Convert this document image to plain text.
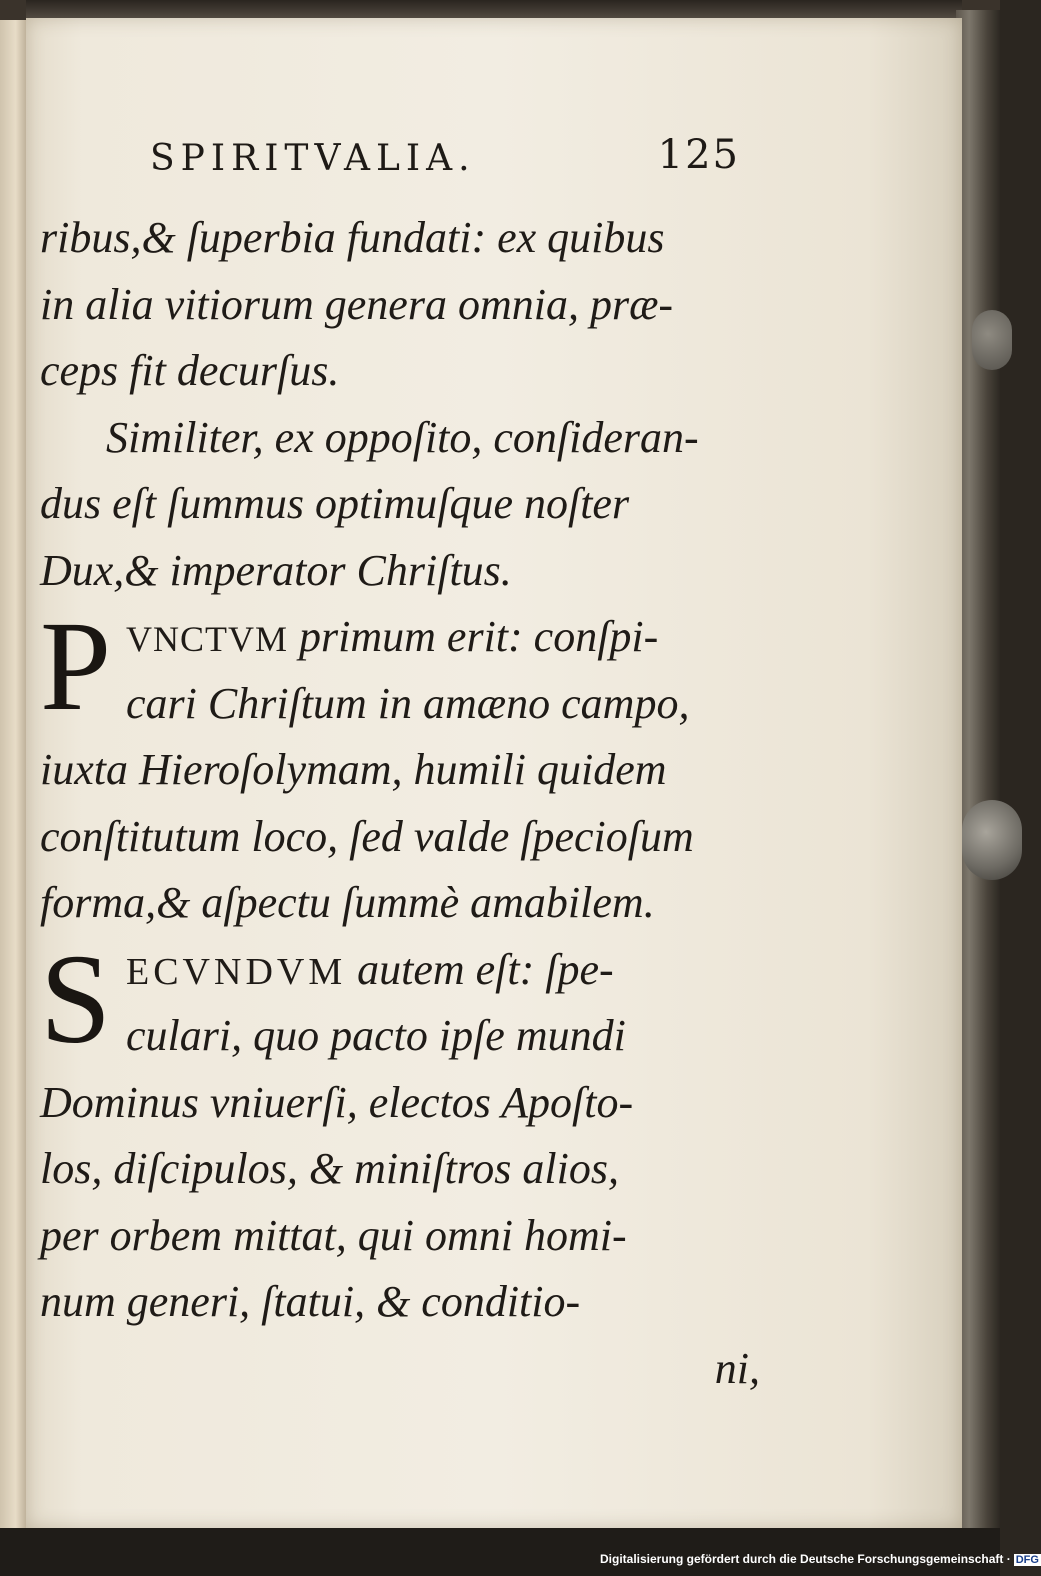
SPIRITVALIA.	125
ribus,& ſuperbia fundati: ex quibus
in alia vitiorum genera omnia, præ-
ceps fit decurſus.
Similiter, ex oppoſito, conſideran-
dus eſt ſummus optimuſque noſter
Dux,& imperator Chriſtus.
P VNCTVM primum erit: conſpi-
cari Chriſtum in amæno campo,
iuxta Hieroſolymam, humili quidem
conſtitutum loco, ſed valde ſpecioſum
forma,& aſpectu ſummè amabilem.
S ECVNDVM autem eſt: ſpe-
culari, quo pacto ipſe mundi
Dominus vniuerſi, electos Apoſto-
los, diſcipulos, & miniſtros alios,
per orbem mittat, qui omni homi-
num generi, ſtatui, & conditio-
ni,
Digitalisierung gefördert durch die Deutsche Forschungsgemeinschaft · DFG
